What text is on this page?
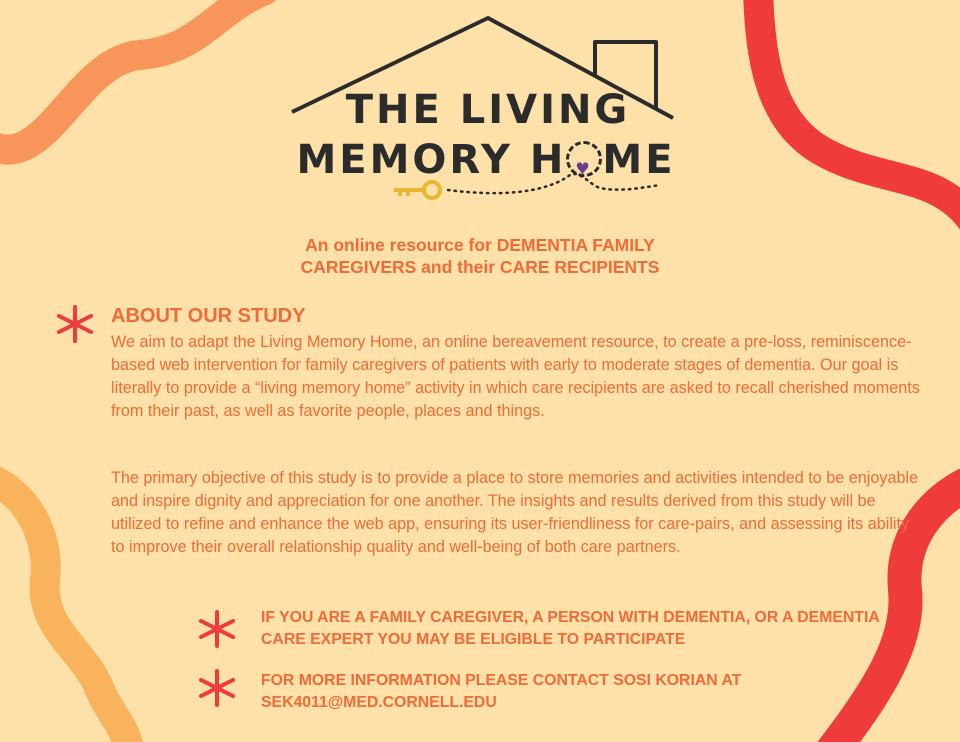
THE LIVING
MEMORY H ♥ ME
An online resource for DEMENTIA FAMILY
CAREGIVERS and their CARE RECIPIENTS
ABOUT OUR STUDY
We aim to adapt the Living Memory Home, an online bereavement resource, to create a pre-loss, reminiscence-based web intervention for family caregivers of patients with early to moderate stages of dementia. Our goal is literally to provide a “living memory home” activity in which care recipients are asked to recall cherished moments from their past, as well as favorite people, places and things.
The primary objective of this study is to provide a place to store memories and activities intended to be enjoyable and inspire dignity and appreciation for one another. The insights and results derived from this study will be utilized to refine and enhance the web app, ensuring its user-friendliness for care-pairs, and assessing its ability to improve their overall relationship quality and well-being of both care partners.
IF YOU ARE A FAMILY CAREGIVER, A PERSON WITH DEMENTIA, OR A DEMENTIA CARE EXPERT YOU MAY BE ELIGIBLE TO PARTICIPATE
FOR MORE INFORMATION PLEASE CONTACT SOSI KORIAN AT SEK4011@MED.CORNELL.EDU
